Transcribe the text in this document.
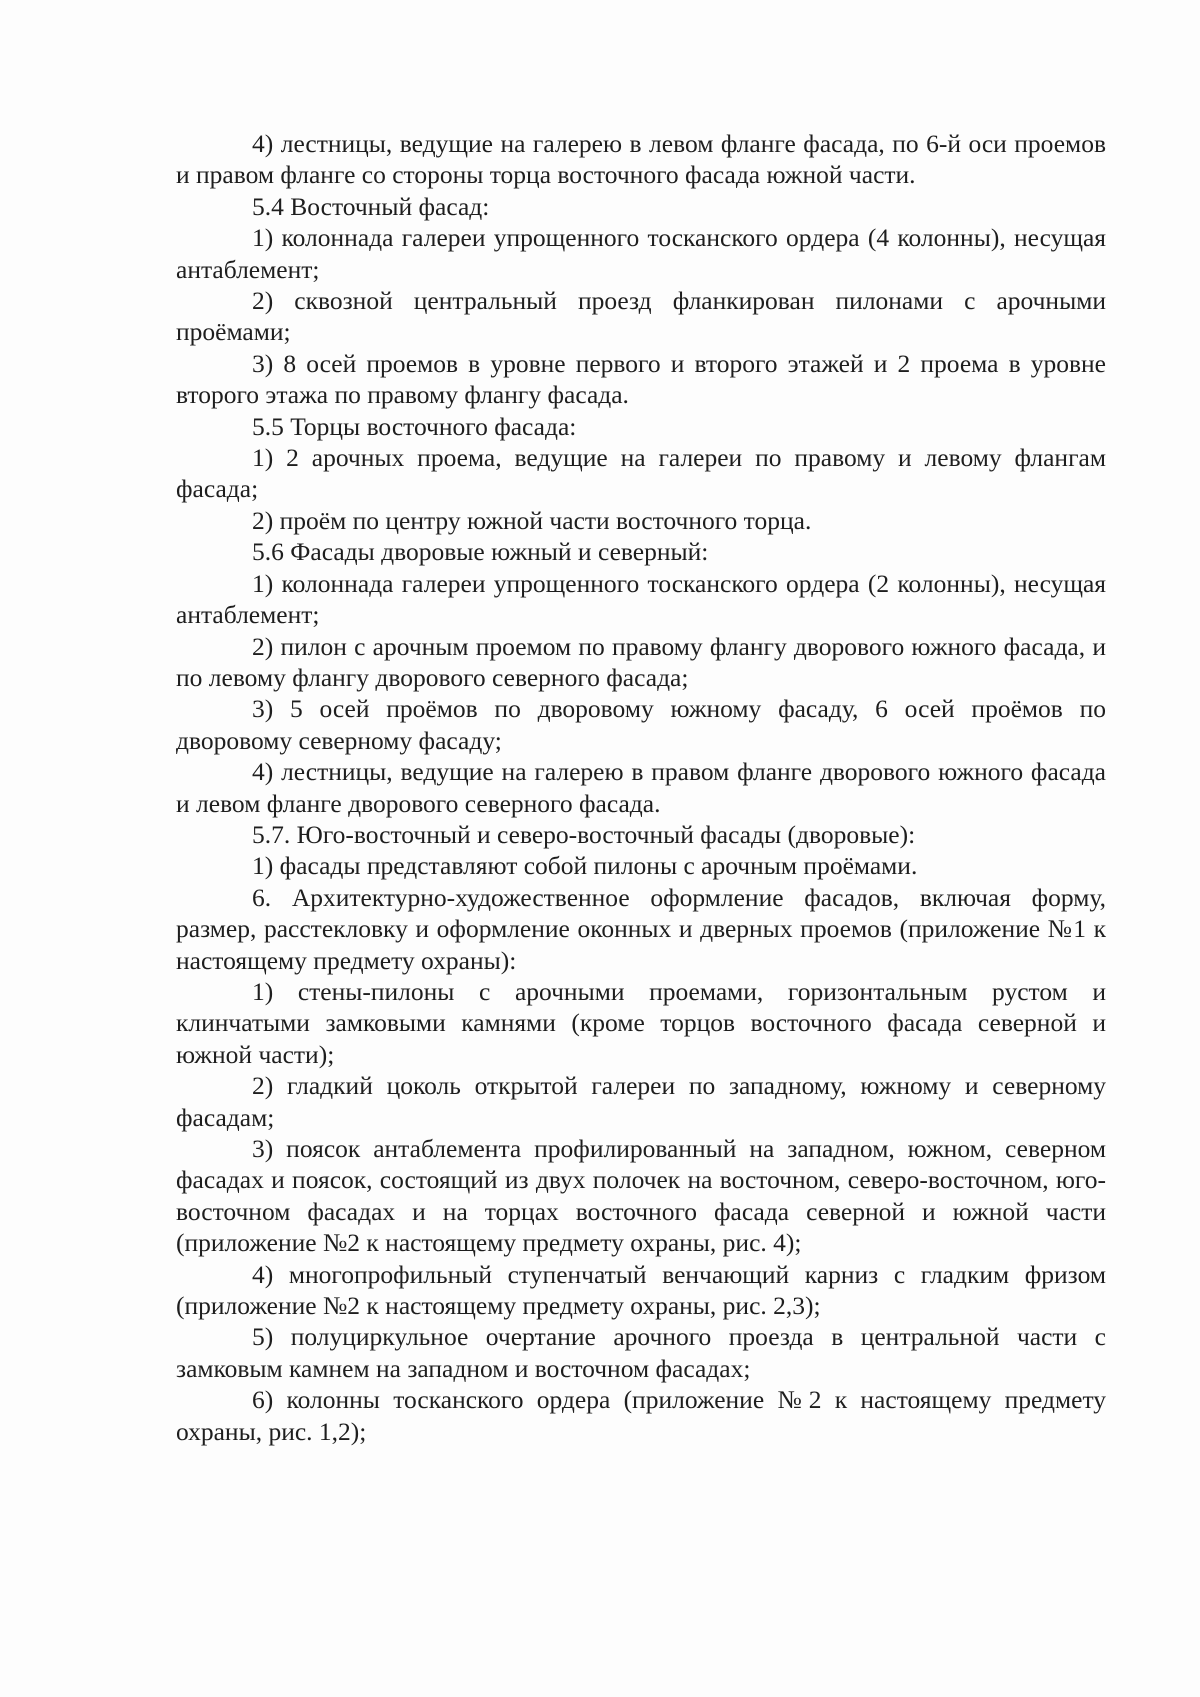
4) лестницы, ведущие на галерею в левом фланге фасада, по 6-й оси проемов и правом фланге со стороны торца восточного фасада южной части.

5.4 Восточный фасад:

1) колоннада галереи упрощенного тосканского ордера (4 колонны), несущая антаблемент;

2) сквозной центральный проезд фланкирован пилонами с арочными проёмами;

3) 8 осей проемов в уровне первого и второго этажей и 2 проема в уровне второго этажа по правому флангу фасада.

5.5 Торцы восточного фасада:

1) 2 арочных проема, ведущие на галереи по правому и левому флангам фасада;

2) проём по центру южной части восточного торца.

5.6 Фасады дворовые южный и северный:

1) колоннада галереи упрощенного тосканского ордера (2 колонны), несущая антаблемент;

2) пилон с арочным проемом по правому флангу дворового южного фасада, и по левому флангу дворового северного фасада;

3) 5 осей проёмов по дворовому южному фасаду, 6 осей проёмов по дворовому северному фасаду;

4) лестницы, ведущие на галерею в правом фланге дворового южного фасада и левом фланге дворового северного фасада.

5.7. Юго-восточный и северо-восточный фасады (дворовые):

1) фасады представляют собой пилоны с арочным проёмами.

6. Архитектурно-художественное оформление фасадов, включая форму, размер, расстекловку и оформление оконных и дверных проемов (приложение №1 к настоящему предмету охраны):

1) стены-пилоны с арочными проемами, горизонтальным рустом и клинчатыми замковыми камнями (кроме торцов восточного фасада северной и южной части);

2) гладкий цоколь открытой галереи по западному, южному и северному фасадам;

3) поясок антаблемента профилированный на западном, южном, северном фасадах и поясок, состоящий из двух полочек на восточном, северо-восточном, юго-восточном фасадах и на торцах восточного фасада северной и южной части (приложение №2 к настоящему предмету охраны, рис. 4);

4) многопрофильный ступенчатый венчающий карниз с гладким фризом (приложение №2 к настоящему предмету охраны, рис. 2,3);

5) полуциркульное очертание арочного проезда в центральной части с замковым камнем на западном и восточном фасадах;

6) колонны тосканского ордера (приложение №2 к настоящему предмету охраны, рис. 1,2);
